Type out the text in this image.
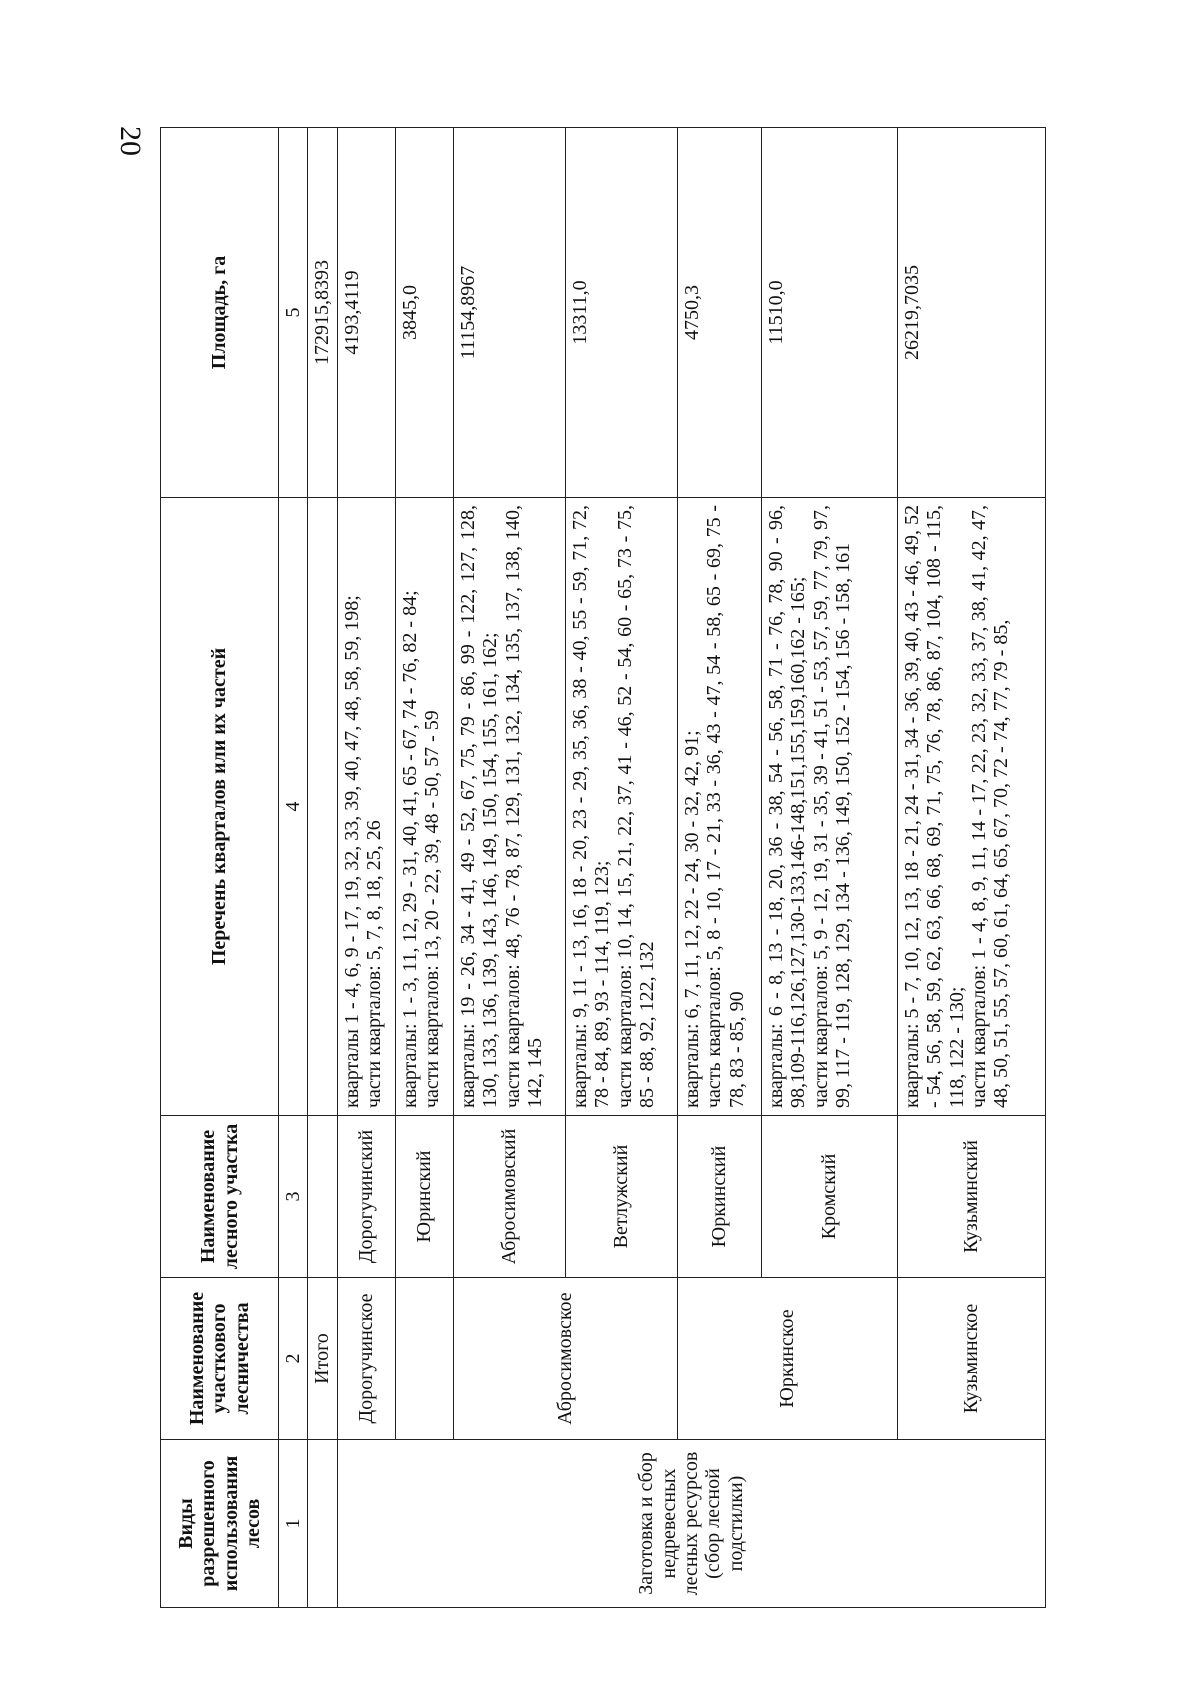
20
Виды разрешенного использования лесов	Наименование участкового лесничества	Наименование лесного участка	Перечень кварталов или их частей	Площадь, га
1	2	3	4	5
	Итого			172915,8393
Заготовка и сбор недревесных лесных ресурсов (сбор лесной подстилки)	Дорогучинское	Дорогучинский	кварталы 1 - 4, 6, 9 - 17, 19, 32, 33, 39, 40, 47, 48, 58, 59, 198; части кварталов: 5, 7, 8, 18, 25, 26	4193,4119
		Юринский	кварталы: 1 - 3, 11, 12, 29 - 31, 40, 41, 65 - 67, 74 - 76, 82 - 84; части кварталов: 13, 20 - 22, 39, 48 - 50, 57 - 59	3845,0
	Абросимовское	Абросимовский	кварталы: 19 - 26, 34 - 41, 49 - 52, 67, 75, 79 - 86, 99 - 122, 127, 128, 130, 133, 136, 139, 143, 146, 149, 150, 154, 155, 161, 162; части кварталов: 48, 76 - 78, 87, 129, 131, 132, 134, 135, 137, 138, 140, 142, 145	11154,8967
		Ветлужский	кварталы: 9, 11 - 13, 16, 18 - 20, 23 - 29, 35, 36, 38 - 40, 55 - 59, 71, 72, 78 - 84, 89, 93 - 114, 119, 123; части кварталов: 10, 14, 15, 21, 22, 37, 41 - 46, 52 - 54, 60 - 65, 73 - 75, 85 - 88, 92, 122, 132	13311,0
	Юркинское	Юркинский	кварталы: 6, 7, 11, 12, 22 - 24, 30 - 32, 42, 91; часть кварталов: 5, 8 - 10, 17 - 21, 33 - 36, 43 - 47, 54 - 58, 65 - 69, 75 - 78, 83 - 85, 90	4750,3
		Кромский	кварталы: 6 - 8, 13 - 18, 20, 36 - 38, 54 - 56, 58, 71 - 76, 78, 90 - 96, 98,109-116,126,127,130-133,146-148,151,155,159,160,162 - 165; части кварталов: 5, 9 - 12, 19, 31 - 35, 39 - 41, 51 - 53, 57, 59, 77, 79, 97, 99, 117 - 119, 128, 129, 134 - 136, 149, 150, 152 - 154, 156 - 158, 161	11510,0
	Кузьминское	Кузьминский	кварталы: 5 - 7, 10, 12, 13, 18 - 21, 24 - 31, 34 - 36, 39, 40, 43 - 46, 49, 52 - 54, 56, 58, 59, 62, 63, 66, 68, 69, 71, 75, 76, 78, 86, 87, 104, 108 - 115, 118, 122 - 130; части кварталов: 1 - 4, 8, 9, 11, 14 - 17, 22, 23, 32, 33, 37, 38, 41, 42, 47, 48, 50, 51, 55, 57, 60, 61, 64, 65, 67, 70, 72 - 74, 77, 79 - 85,	26219,7035
